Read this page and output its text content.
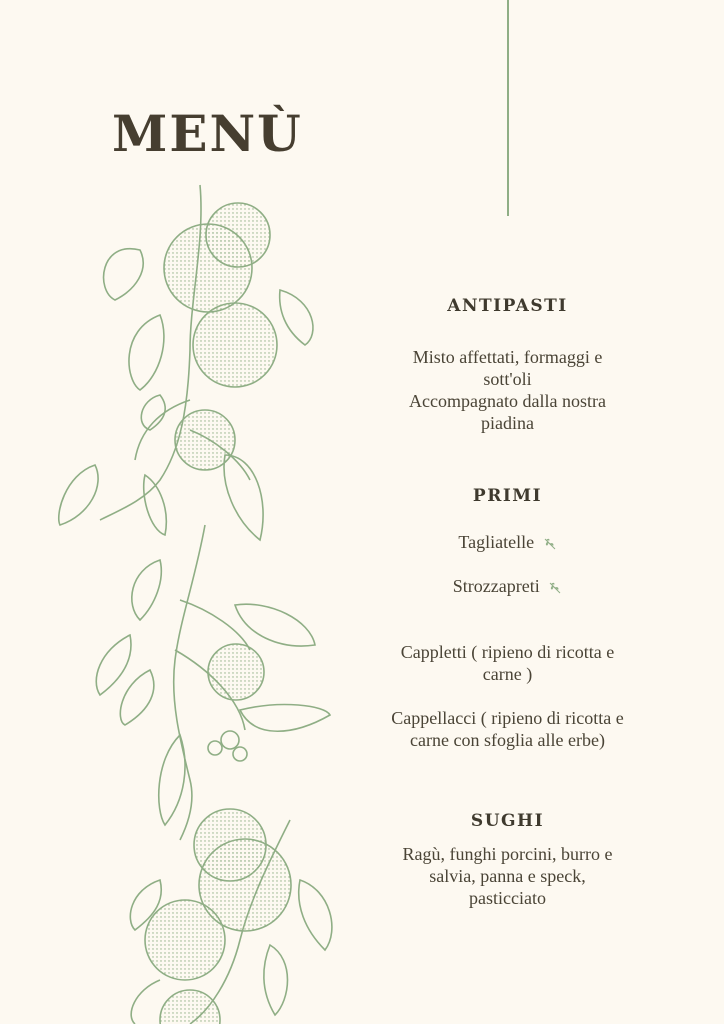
MENÙ
ANTIPASTI
Misto affettati, formaggi e
sott'oli
Accompagnato dalla nostra
piadina
PRIMI
Tagliatelle
Strozzapreti
Cappletti ( ripieno di ricotta e
carne )
Cappellacci ( ripieno di ricotta e
carne con sfoglia alle erbe)
SUGHI
Ragù, funghi porcini, burro e
salvia, panna e speck,
pasticciato
